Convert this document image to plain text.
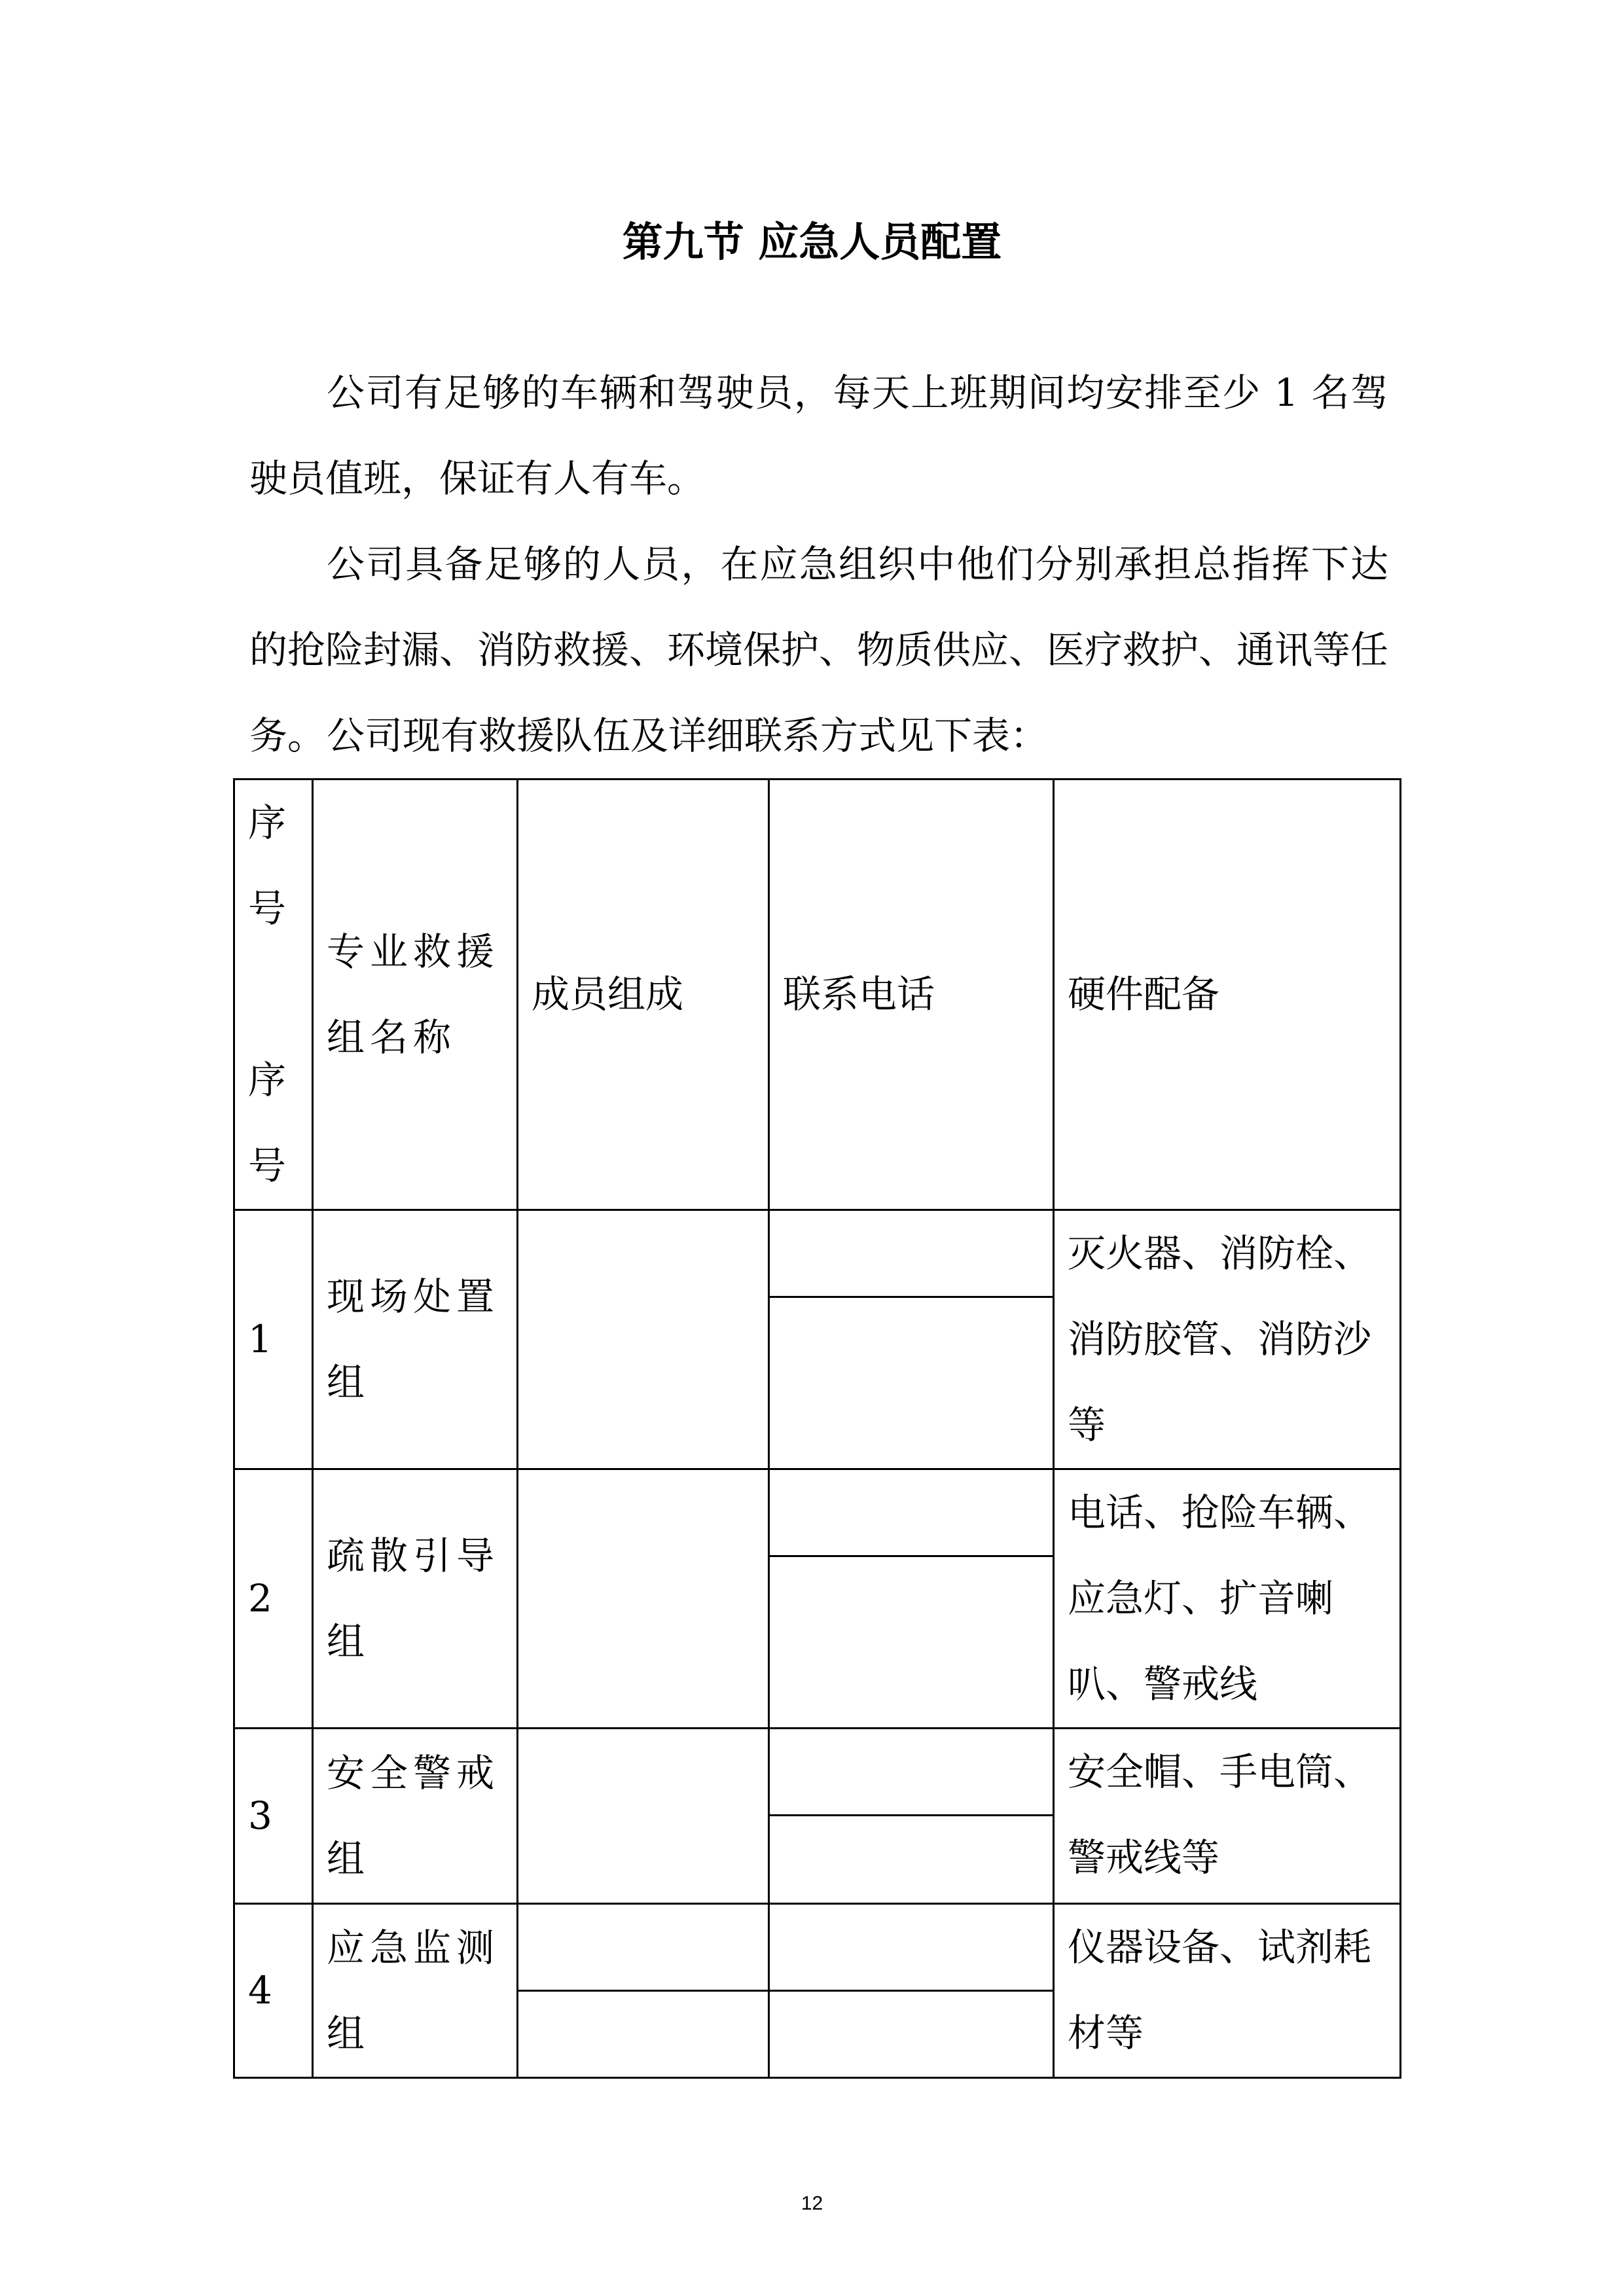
第九节 应急人员配置

公司有足够的车辆和驾驶员，每天上班期间均安排至少 1 名驾驶员值班，保证有人有车。

公司具备足够的人员，在应急组织中他们分别承担总指挥下达的抢险封漏、消防救援、环境保护、物质供应、医疗救护、通讯等任务。 公司现有救援队伍及详细联系方式见下表：

序
号
序
号	专业救援组名称	成员组成	联系电话	硬件配备
1	现场处置组			灭火器、消防栓、消防胶管、消防沙等

2	疏散引导组			电话、抢险车辆、应急灯、扩音喇叭、警戒线

3	安全警戒组			安全帽、手电筒、警戒线等

4	应急监测组			仪器设备、试剂耗材等

12
